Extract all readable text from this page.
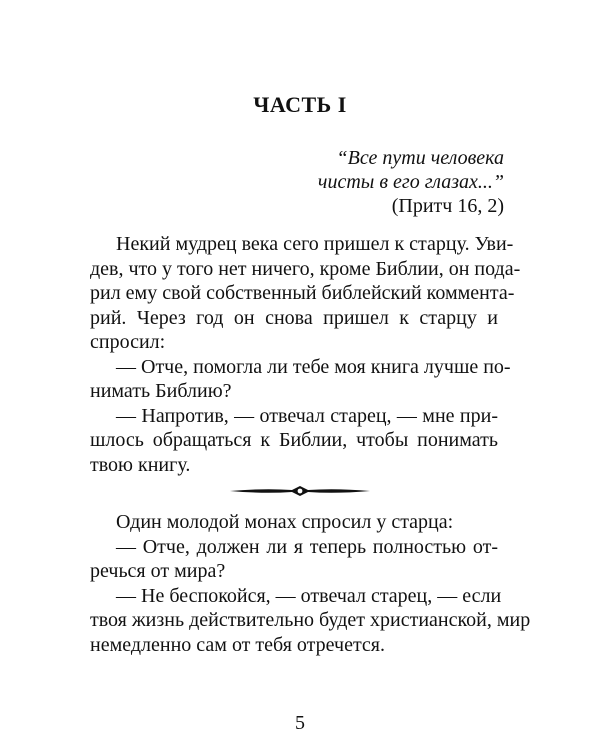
ЧАСТЬ I
“Все пути человека
чисты в его глазах...”
(Притч 16, 2)
Некий мудрец века сего пришел к старцу. Уви-
дев, что у того нет ничего, кроме Библии, он пода-
рил ему свой собственный библейский коммента-
рий. Через год он снова пришел к старцу и
спросил:
— Отче, помогла ли тебе моя книга лучше по-
нимать Библию?
— Напротив, — отвечал старец, — мне при-
шлось обращаться к Библии, чтобы понимать
твою книгу.
Один молодой монах спросил у старца:
— Отче, должен ли я теперь полностью от-
речься от мира?
— Не беспокойся, — отвечал старец, — если
твоя жизнь действительно будет христианской, мир
немедленно сам от тебя отречется.
5
